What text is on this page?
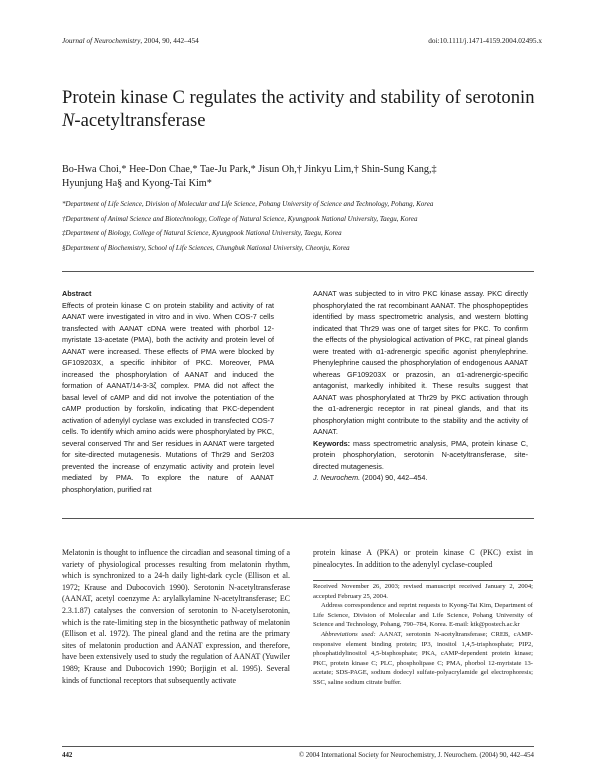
Journal of Neurochemistry, 2004, 90, 442–454	doi:10.1111/j.1471-4159.2004.02495.x
Protein kinase C regulates the activity and stability of serotonin
N-acetyltransferase
Bo-Hwa Choi,* Hee-Don Chae,* Tae-Ju Park,* Jisun Oh,† Jinkyu Lim,† Shin-Sung Kang,‡
Hyunjung Ha§ and Kyong-Tai Kim*
*Department of Life Science, Division of Molecular and Life Science, Pohang University of Science and Technology, Pohang, Korea
†Department of Animal Science and Biotechnology, College of Natural Science, Kyungpook National University, Taegu, Korea
‡Department of Biology, College of Natural Science, Kyungpook National University, Taegu, Korea
§Department of Biochemistry, School of Life Sciences, Chungbuk National University, Cheonju, Korea
Abstract
Effects of protein kinase C on protein stability and activity of rat AANAT were investigated in vitro and in vivo. When COS-7 cells transfected with AANAT cDNA were treated with phorbol 12-myristate 13-acetate (PMA), both the activity and protein level of AANAT were increased. These effects of PMA were blocked by GF109203X, a specific inhibitor of PKC. Moreover, PMA increased the phosphorylation of AANAT and induced the formation of AANAT/14-3-3ζ complex. PMA did not affect the basal level of cAMP and did not involve the potentiation of the cAMP production by forskolin, indicating that PKC-dependent activation of adenylyl cyclase was excluded in transfected COS-7 cells. To identify which amino acids were phosphorylated by PKC, several conserved Thr and Ser residues in AANAT were targeted for site-directed mutagenesis. Mutations of Thr29 and Ser203 prevented the increase of enzymatic activity and protein level mediated by PMA. To explore the nature of AANAT phosphorylation, purified rat
AANAT was subjected to in vitro PKC kinase assay. PKC directly phosphorylated the rat recombinant AANAT. The phosphopeptides identified by mass spectrometric analysis, and western blotting indicated that Thr29 was one of target sites for PKC. To confirm the effects of the physiological activation of PKC, rat pineal glands were treated with α1-adrenergic specific agonist phenylephrine. Phenylephrine caused the phosphorylation of endogenous AANAT whereas GF109203X or prazosin, an α1-adrenergic-specific antagonist, markedly inhibited it. These results suggest that AANAT was phosphorylated at Thr29 by PKC activation through the α1-adrenergic receptor in rat pineal glands, and that its phosphorylation might contribute to the stability and the activity of AANAT.
Keywords: mass spectrometric analysis, PMA, protein kinase C, protein phosphorylation, serotonin N-acetyltransferase, site-directed mutagenesis.
J. Neurochem. (2004) 90, 442–454.
Melatonin is thought to influence the circadian and seasonal timing of a variety of physiological processes resulting from melatonin rhythm, which is synchronized to a 24-h daily light-dark cycle (Ellison et al. 1972; Krause and Dubocovich 1990). Serotonin N-acetyltransferase (AANAT, acetyl coenzyme A: arylalkylamine N-acetyltransferase; EC 2.3.1.87) catalyses the conversion of serotonin to N-acetylserotonin, which is the rate-limiting step in the biosynthetic pathway of melatonin (Ellison et al. 1972). The pineal gland and the retina are the primary sites of melatonin production and AANAT expression, and therefore, have been extensively used to study the regulation of AANAT (Yuwiler 1989; Krause and Dubocovich 1990; Borjigin et al. 1995). Several kinds of functional receptors that subsequently activate
protein kinase A (PKA) or protein kinase C (PKC) exist in pinealocytes. In addition to the adenylyl cyclase-coupled

Received November 26, 2003; revised manuscript received January 2, 2004; accepted February 25, 2004.

Address correspondence and reprint requests to Kyong-Tai Kim, Department of Life Science, Division of Molecular and Life Science, Pohang University of Science and Technology, Pohang, 790–784, Korea. E-mail: ktk@postech.ac.kr

Abbreviations used: AANAT, serotonin N-acetyltransferase; CREB, cAMP-responsive element binding protein; IP3, inositol 1,4,5-trisphosphate; PIP2, phosphatidylinositol 4,5-bisphosphate; PKA, cAMP-dependent protein kinase; PKC, protein kinase C; PLC, phospholipase C; PMA, phorbol 12-myristate 13-acetate; SDS-PAGE, sodium dodecyl sulfate-polyacrylamide gel electrophoresis; SSC, saline sodium citrate buffer.

442	© 2004 International Society for Neurochemistry, J. Neurochem. (2004) 90, 442–454
